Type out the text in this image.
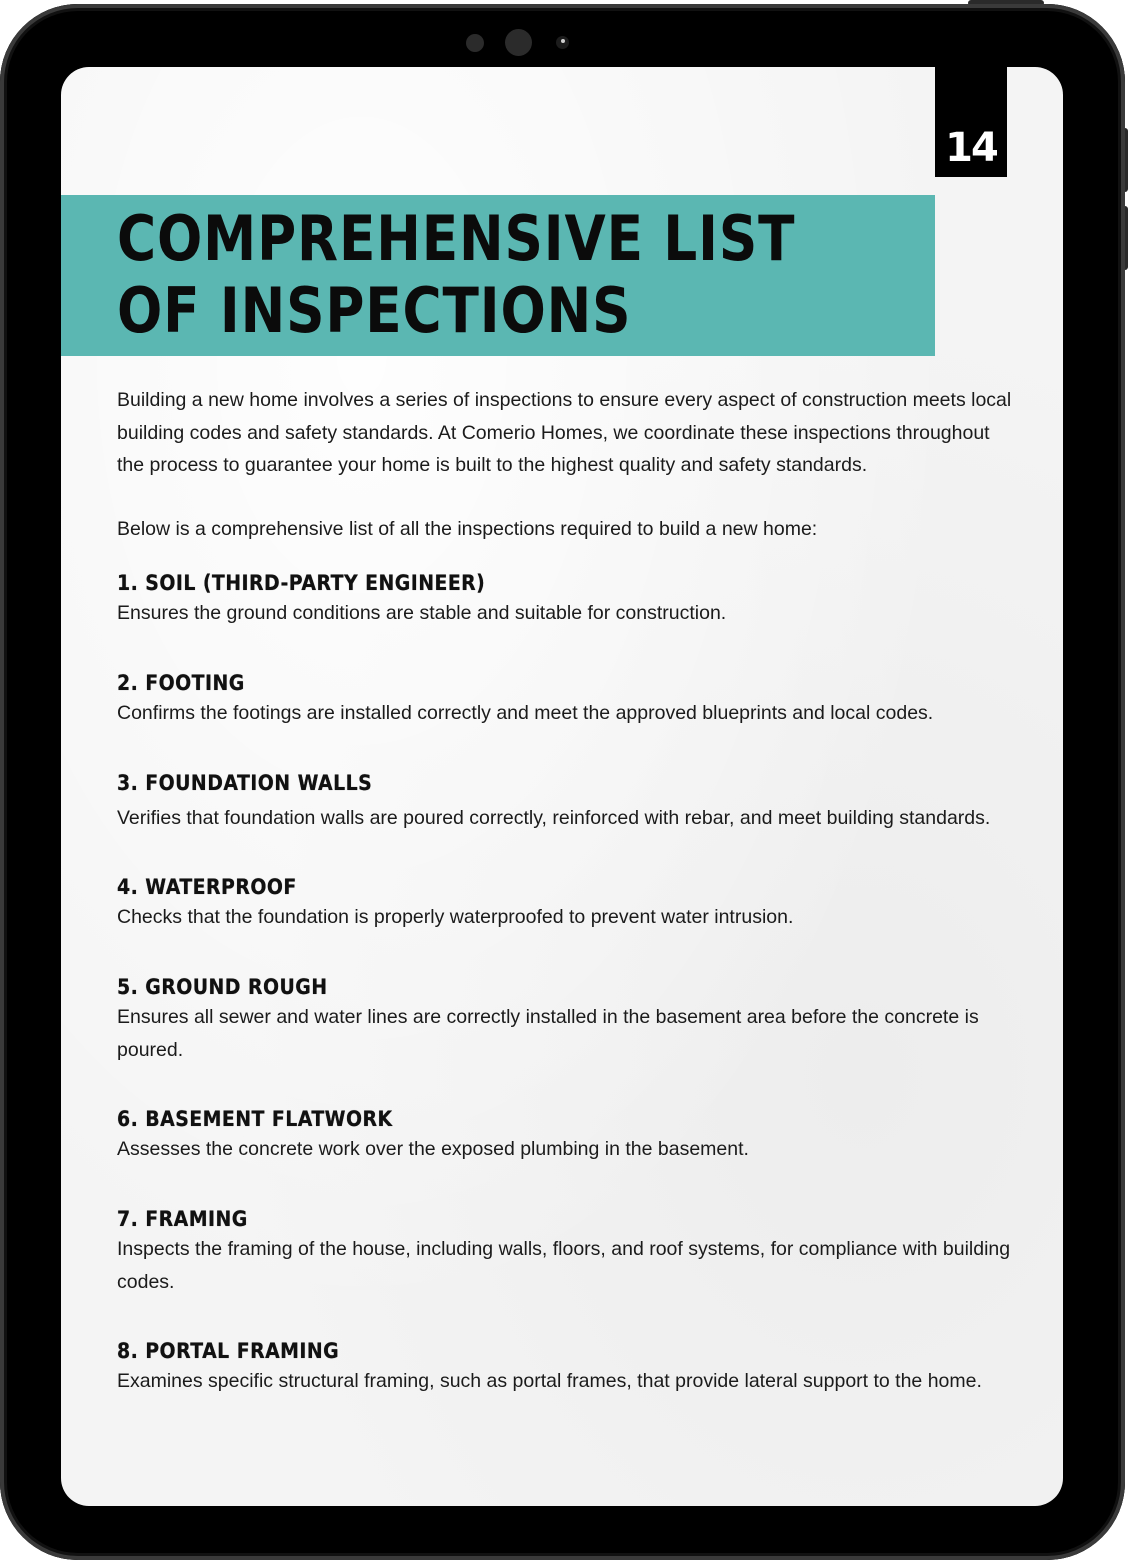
14
COMPREHENSIVE LIST OF INSPECTIONS

Building a new home involves a series of inspections to ensure every aspect of construction meets local building codes and safety standards. At Comerio Homes, we coordinate these inspections throughout the process to guarantee your home is built to the highest quality and safety standards.

Below is a comprehensive list of all the inspections required to build a new home:

1. SOIL (THIRD-PARTY ENGINEER)

Ensures the ground conditions are stable and suitable for construction.

2. FOOTING

Confirms the footings are installed correctly and meet the approved blueprints and local codes.

3. FOUNDATION WALLS

Verifies that foundation walls are poured correctly, reinforced with rebar, and meet building standards.

4. WATERPROOF

Checks that the foundation is properly waterproofed to prevent water intrusion.

5. GROUND ROUGH

Ensures all sewer and water lines are correctly installed in the basement area before the concrete is poured.

6. BASEMENT FLATWORK

Assesses the concrete work over the exposed plumbing in the basement.

7. FRAMING

Inspects the framing of the house, including walls, floors, and roof systems, for compliance with building codes.

8. PORTAL FRAMING

Examines specific structural framing, such as portal frames, that provide lateral support to the home.
